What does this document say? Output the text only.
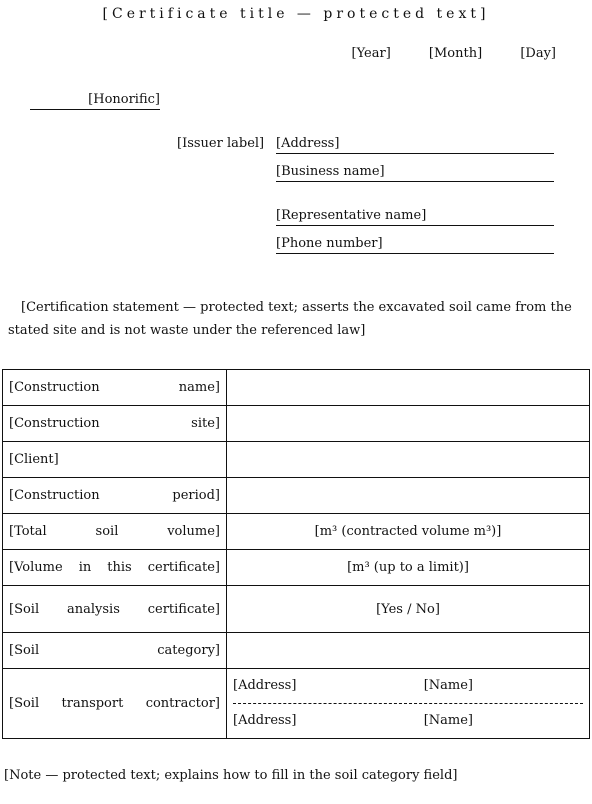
[Certificate title — protected text]
[Year]	[Month]	[Day]
[Honorific]
[Issuer label] [Address]
[Business name]
[Representative name]
[Phone number]
[Certification statement — protected text; asserts the excavated soil came from the stated site and is not waste under the referenced law]
[Construction name]	
[Construction site]	
[Client]	
[Construction period]	
[Total soil volume]	[m³ (contracted volume m³)]
[Volume in this certificate]	[m³ (up to a limit)]
[Soil analysis certificate]	[Yes / No]
[Soil category]	
[Soil transport contractor]	[Address] [Name]
[Address] [Name]
[Note — protected text; explains how to fill in the soil category field]
